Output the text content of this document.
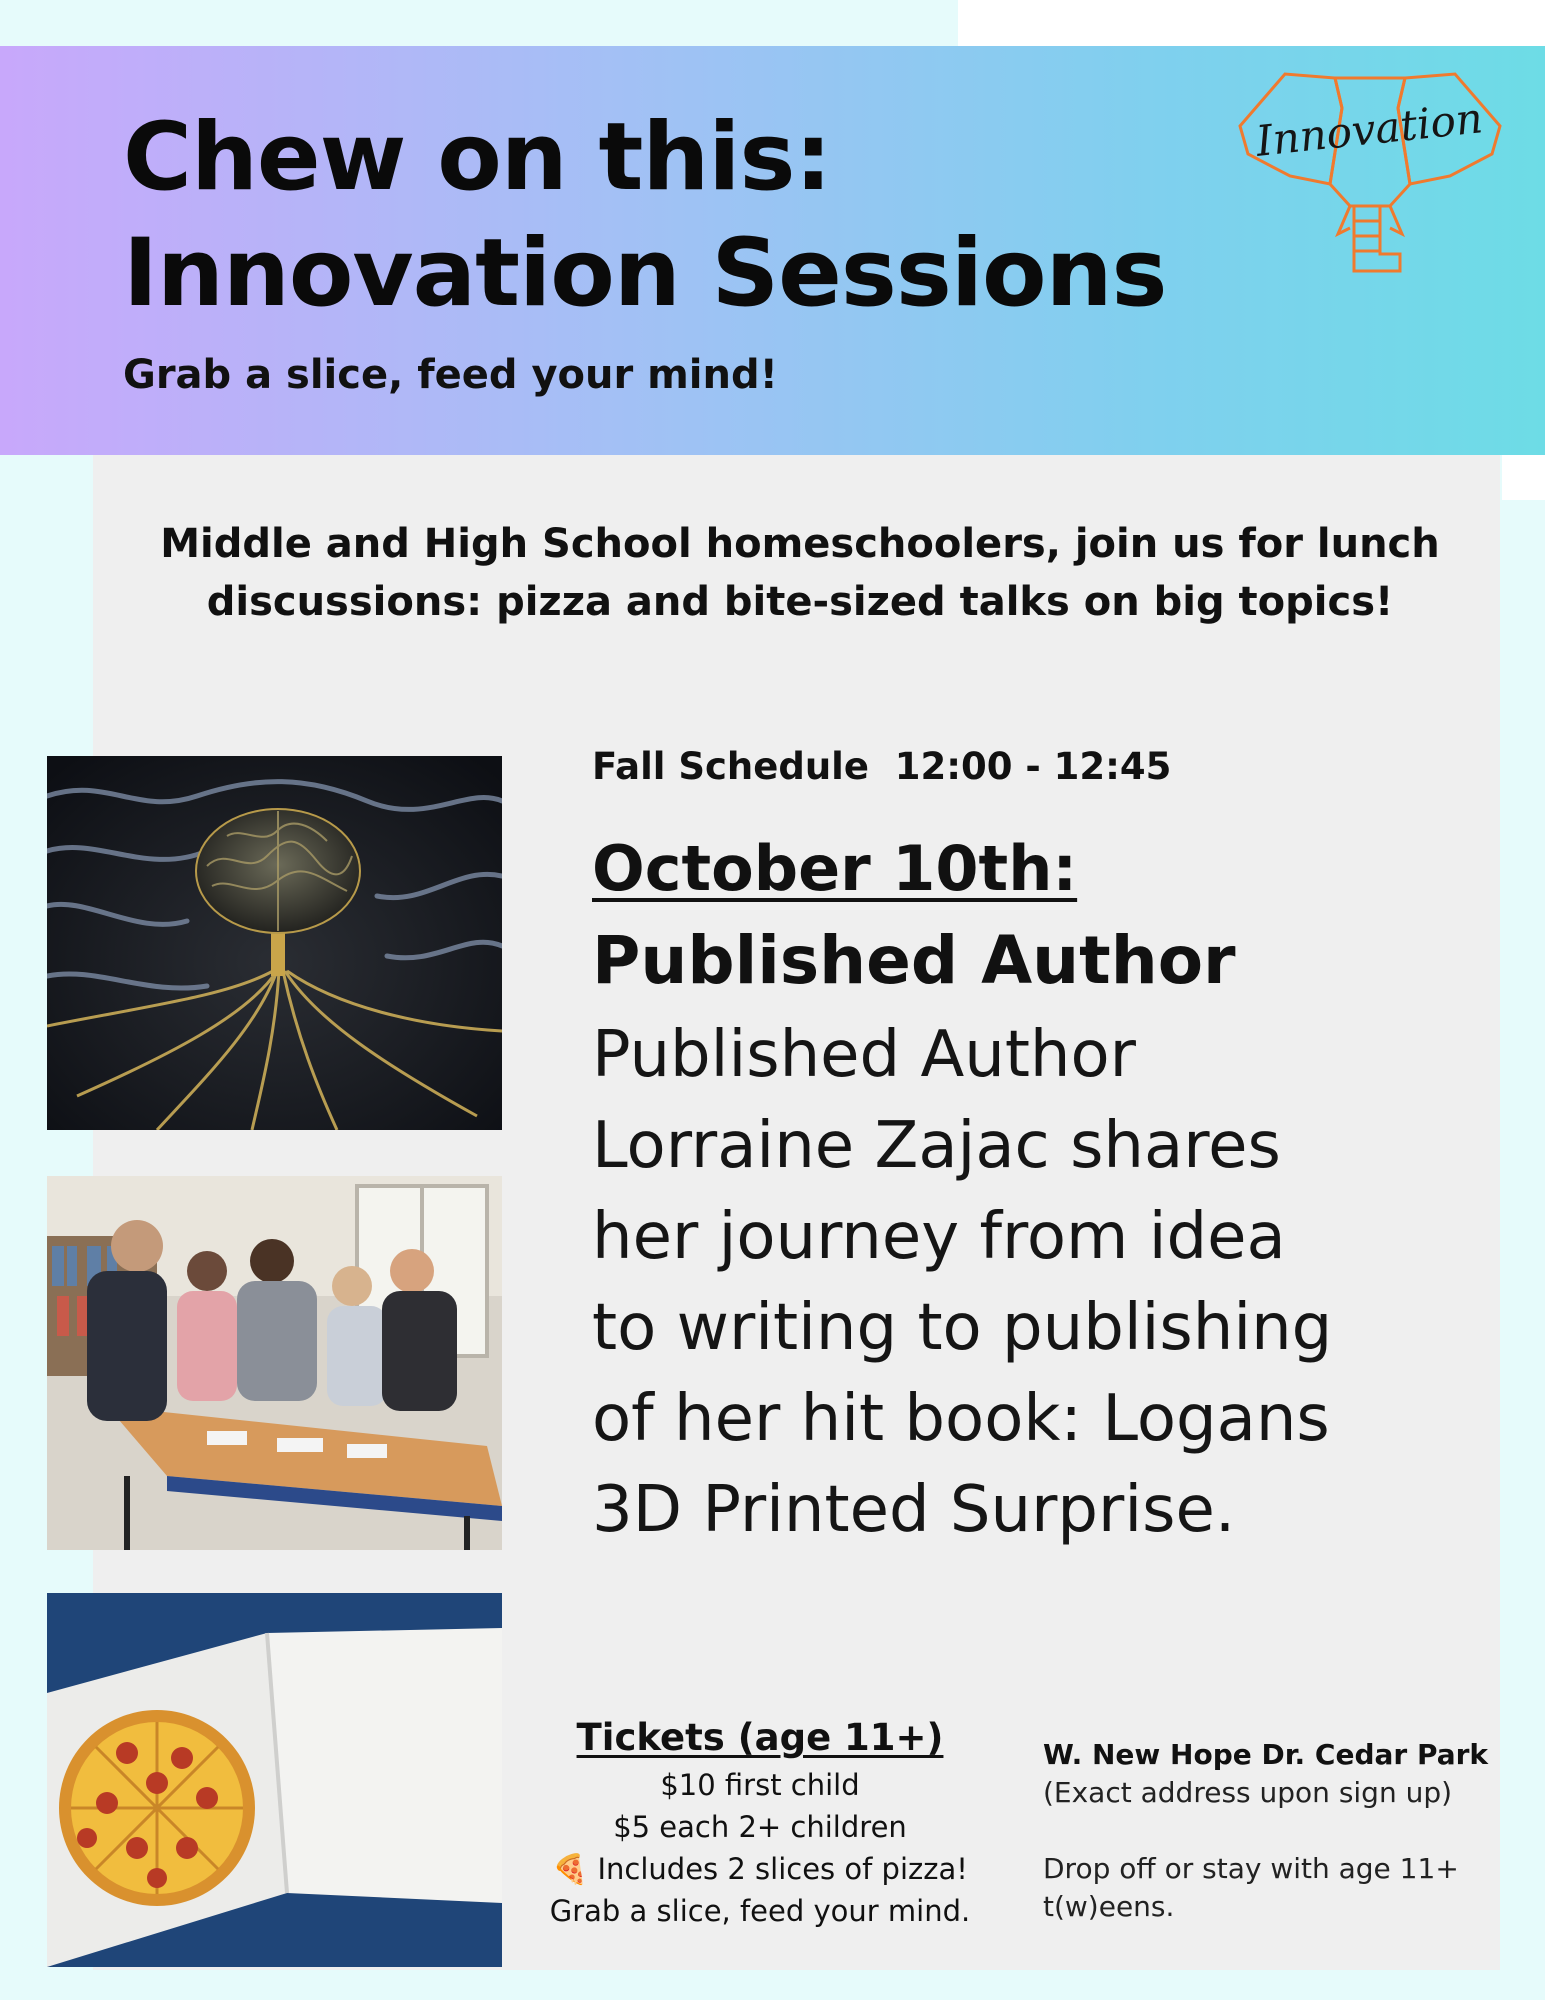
Chew on this:
Innovation Sessions
Grab a slice, feed your mind!
Innovation
Middle and High School homeschoolers, join us for lunch
discussions: pizza and bite-sized talks on big topics!
Fall Schedule  12:00 - 12:45
October 10th:
Published Author
Published Author
Lorraine Zajac shares
her journey from idea
to writing to publishing
of her hit book: Logans
3D Printed Surprise.
Tickets (age 11+)
$10 first child
$5 each 2+ children
🍕 Includes 2 slices of pizza!
Grab a slice, feed your mind.
W. New Hope Dr. Cedar Park
(Exact address upon sign up)
Drop off or stay with age 11+
t(w)eens.
